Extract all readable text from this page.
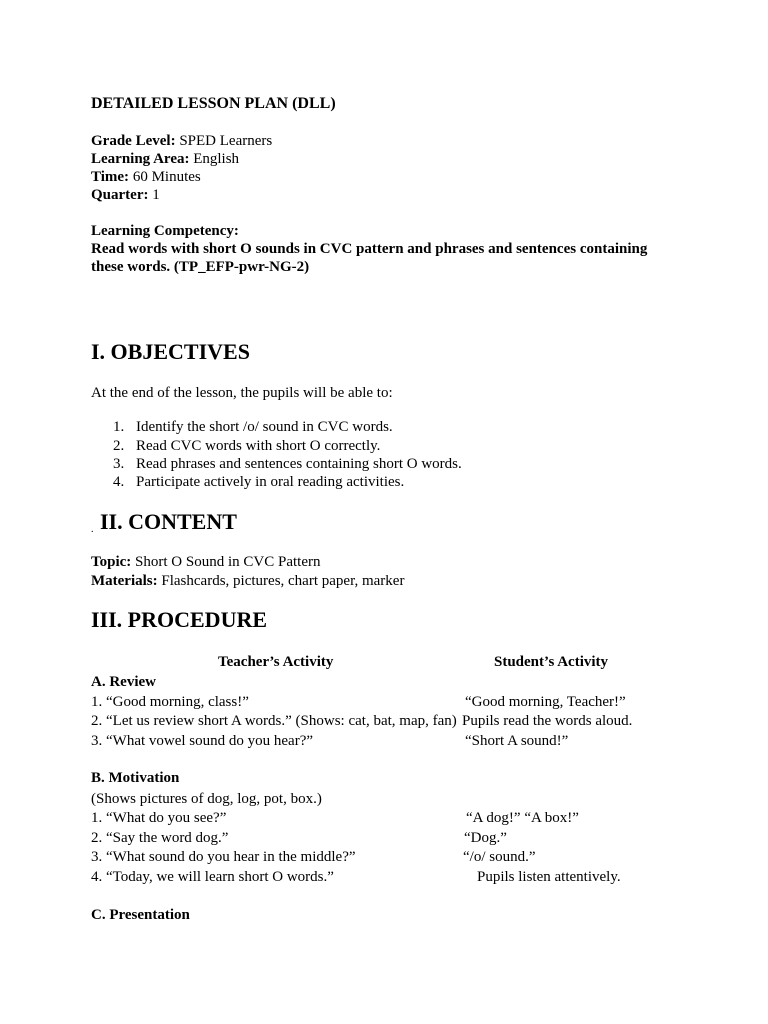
DETAILED LESSON PLAN (DLL)
Grade Level: SPED Learners
Learning Area: English
Time: 60 Minutes
Quarter: 1
Learning Competency:
Read words with short O sounds in CVC pattern and phrases and sentences containing
these words. (TP_EFP-pwr-NG-2)
I. OBJECTIVES
At the end of the lesson, the pupils will be able to:
1. Identify the short /o/ sound in CVC words.
2. Read CVC words with short O correctly.
3. Read phrases and sentences containing short O words.
4. Participate actively in oral reading activities.
. II. CONTENT
Topic: Short O Sound in CVC Pattern
Materials: Flashcards, pictures, chart paper, marker
III. PROCEDURE
Teacher’s Activity	Student’s Activity
A. Review
1. “Good morning, class!”	“Good morning, Teacher!”
2. “Let us review short A words.” (Shows: cat, bat, map, fan) Pupils read the words aloud.
3. “What vowel sound do you hear?”	“Short A sound!”
B. Motivation
(Shows pictures of dog, log, pot, box.)
1. “What do you see?”	“A dog!” “A box!”
2. “Say the word dog.”	“Dog.”
3. “What sound do you hear in the middle?”	“/o/ sound.”
4. “Today, we will learn short O words.”	Pupils listen attentively.
C. Presentation
